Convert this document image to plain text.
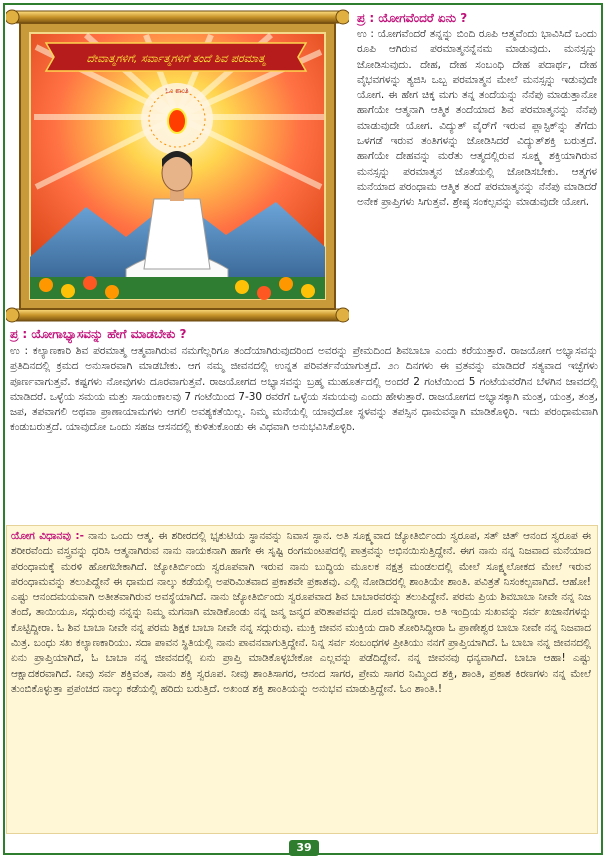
ದೇವಾತ್ಮಗಳಿಗೆ, ಸರ್ವಾತ್ಮಗಳಿಗೆ ತಂದೆ ಶಿವ ಪರಮಾತ್ಮ
ಓಂ ಶಾಂತಿ
ಪ್ರ : ಯೋಗವೆಂದರೆ ಏನು ?

ಉ : ಯೋಗವೆಂದರೆ ತನ್ನನ್ನು ಬಿಂದಿ ರೂಪಿ ಆತ್ಮವೆಂದು ಭಾವಿಸಿದೆ ಒಂದು ರೂಪಿ ಆಗಿರುವ ಪರಮಾತ್ಮನನ್ನೆನಮ ಮಾಡುವುದು. ಮನಸ್ಸನ್ನು ಜೋಡಿಸುವುದು. ದೇಹ, ದೇಹ ಸಂಬಂಧಿ ದೇಹ ಪದಾರ್ಥ, ದೇಹ ವೈಭವಗಳನ್ನು ತ್ಯಜಿಸಿ ಒಬ್ಬ ಪರಮಾತ್ಮನ ಮೇಲೆ ಮನಸ್ಸನ್ನು ಇಡುವುದೇ ಯೋಗ. ಈ ಹೇಗ ಚಿಕ್ಕ ಮಗು ತನ್ನ ತಂದೆಯನ್ನು ನೆನೆಪು ಮಾಡುತ್ತಾನೋ ಹಾಗೆಯೇ ಆತ್ಮನಾಗಿ ಆತ್ಮಿಕ ತಂದೆಯಾದ ಶಿವ ಪರಮಾತ್ಮನನ್ನು ನೆನೆಪು ಮಾಡುವುದೇ ಯೋಗ. ವಿದ್ಯುತ್ ವೈರ್‌ಗೆ ಇರುವ ಪ್ಲಾಸ್ಟಿಕ್‌ನ್ನು ತೆಗೆದು ಒಳಗಡೆ ಇರುವ ತಂತಿಗಳನ್ನು ಜೋಡಿಸಿದರೆ ವಿದ್ಯುತ್‌ಶಕ್ತಿ ಬರುತ್ತದೆ. ಹಾಗೆಯೇ ದೇಹವನ್ನು ಮರೆತು ಆತ್ಮದಲ್ಲಿರುವ ಸೂಕ್ಷ್ಮ ಶಕ್ತಿಯಾಗಿರುವ ಮನಸ್ಸನ್ನು ಪರಮಾತ್ಮನ ಜೊತೆಯಲ್ಲಿ ಜೋಡಿಸಬೇಕು. ಆತ್ಮಗಳ ಮನೆಯಾದ ಪರಂಧಾಮ ಆತ್ಮಿಕ ತಂದೆ ಪರಮಾತ್ಮನನ್ನು ನೆನೆಪು ಮಾಡಿದರೆ ಅನೇಕ ಪ್ರಾಪ್ತಿಗಳು ಸಿಗುತ್ತವೆ. ಶ್ರೇಷ್ಠ ಸಂಕಲ್ಪವನ್ನು ಮಾಡುವುದೇ ಯೋಗ.

ಪ್ರ : ಯೋಗಾಭ್ಯಾಸವನ್ನು ಹೇಗೆ ಮಾಡಬೇಕು ?

ಉ : ಕಲ್ಯಾಣಕಾರಿ ಶಿವ ಪರಮಾತ್ಮ ಆತ್ಮವಾಗಿರುವ ನಮಗೆಲ್ಲರಿಗೂ ತಂದೆಯಾಗಿರುವುದರಿಂದ ಅವರನ್ನು ಪ್ರೇಮದಿಂದ ಶಿವಬಾಬಾ ಎಂದು ಕರೆಯುತ್ತಾರೆ. ರಾಜಯೋಗ ಅಭ್ಯಾಸವನ್ನು ಪ್ರತಿದಿನದಲ್ಲಿ ಕ್ರಮದ ಅನುಸಾರವಾಗಿ ಮಾಡಬೇಕು. ಆಗ ನಮ್ಮ ಜೀವನದಲ್ಲಿ ಉನ್ನತ ಪರಿವರ್ತನೆಯಾಗುತ್ತದೆ. ೨೧ ದಿನಗಳು ಈ ವ್ರತವನ್ನು ಮಾಡಿದರೆ ಸತ್ಯವಾದ ಇಚ್ಛೆಗಳು ಪೂರ್ಣವಾಗುತ್ತವೆ. ಕಷ್ಟಗಳು ನೋವುಗಳು ದೂರವಾಗುತ್ತವೆ. ರಾಜಯೋಗದ ಅಭ್ಯಾಸವನ್ನು ಬ್ರಹ್ಮ ಮುಹೂರ್ತದಲ್ಲಿ ಅಂದರೆ 2 ಗಂಟೆಯಿಂದ 5 ಗಂಟೆಯವರೆಗಿನ ಬೆಳಗಿನ ಜಾವದಲ್ಲಿ ಮಾಡಿದರೆ. ಒಳ್ಳೆಯ ಸಮಯ ಮತ್ತು ಸಾಯಂಕಾಲವು 7 ಗಂಟೆಯಿಂದ 7-30 ರವರೆಗೆ ಒಳ್ಳೆಯ ಸಮಯವು ಎಂದು ಹೇಳುತ್ತಾರೆ. ರಾಜಯೋಗದ ಅಭ್ಯಾಸಕ್ಕಾಗಿ ಮಂತ್ರ, ಯಂತ್ರ, ತಂತ್ರ, ಜಪ, ತಪವಾಗಲಿ ಅಥವಾ ಪ್ರಾಣಾಯಾಮಗಳು ಆಗಲಿ ಅವಶ್ಯಕತೆಯಿಲ್ಲ. ನಿಮ್ಮ ಮನೆಯಲ್ಲಿ ಯಾವುದೋ ಸ್ಥಳವನ್ನು ತಪಸ್ಸಿನ ಧಾಮವನ್ನಾಗಿ ಮಾಡಿಕೊಳ್ಳಿರಿ. ಇದು ಪರಂಧಾಮವಾಗಿ ಕಂಡುಬರುತ್ತದೆ. ಯಾವುದೋ ಒಂದು ಸಹಜ ಆಸನದಲ್ಲಿ ಕುಳಿತುಕೊಂಡು ಈ ವಿಧವಾಗಿ ಅನುಭವಿಸಿಕೊಳ್ಳಿರಿ.

ಯೋಗ ವಿಧಾನವು :- ನಾನು ಒಂದು ಆತ್ಮ. ಈ ಶರೀರದಲ್ಲಿ ಭೃಕುಟಿಯ ಸ್ಥಾನವನ್ನು ನಿವಾಸ ಸ್ಥಾನ. ಅತಿ ಸೂಕ್ಷ್ಮವಾದ ಜ್ಯೋತಿರ್ಬಿಂದು ಸ್ವರೂಪ, ಸತ್ ಚಿತ್ ಆನಂದ ಸ್ವರೂಪ ಈ ಶರೀರವೆಂದು ವಸ್ತ್ರವನ್ನು ಧರಿಸಿ ಆತ್ಮನಾಗಿರುವ ನಾನು ನಾಯಕನಾಗಿ ಹಾಗೇ ಈ ಸೃಷ್ಟಿ ರಂಗಮಂಟಪದಲ್ಲಿ ಪಾತ್ರವನ್ನು ಅಭಿನಯಿಸುತ್ತಿದ್ದೇನೆ. ಈಗ ನಾನು ನನ್ನ ನಿಜವಾದ ಮನೆಯಾದ ಪರಂಧಾಮಕ್ಕೆ ಮರಳಿ ಹೋಗಬೇಕಾಗಿದೆ. ಜ್ಯೋತಿರ್ಬಿಂದು ಸ್ವರೂಪವಾಗಿ ಇರುವ ನಾನು ಬುದ್ಧಿಯ ಮೂಲಕ ನಕ್ಷತ್ರ ಮಂಡಲದಲ್ಲಿ ಮೇಲೆ ಸೂಕ್ಷ್ಮಲೋಕದ ಮೇಲೆ ಇರುವ ಪರಂಧಾಮವನ್ನು ತಲುಪಿದ್ದೇನೆ ಈ ಧಾಮದ ನಾಲ್ಕು ಕಡೆಯಲ್ಲಿ ಅಪರಿಮಿತವಾದ ಪ್ರಕಾಶವೇ ಪ್ರಕಾಶವು. ಎಲ್ಲಿ ನೋಡಿದರಲ್ಲಿ ಶಾಂತಿಯೇ ಶಾಂತಿ. ಪವಿತ್ರತೆ ನಿಸಂಕಲ್ಪವಾಗಿದೆ. ಆಹೋ! ಎಷ್ಟು ಆನಂದಮಯವಾಗಿ ಅತೀತವಾಗಿರುವ ಅವಸ್ಥೆಯಾಗಿದೆ. ನಾನು ಜ್ಯೋತಿರ್ಬಿಂದು ಸ್ವರೂಪವಾದ ಶಿವ ಬಾಬಾರವರನ್ನು ತಲುಪಿದ್ದೇನೆ. ಪರಮ ಪ್ರಿಯ ಶಿವಬಾಬಾ ನೀವೇ ನನ್ನ ನಿಜ ತಂದೆ, ತಾಯಿಯೂ, ಸದ್ಗುರುವು ನನ್ನನ್ನು ನಿಮ್ಮ ಮಗನಾಗಿ ಮಾಡಿಕೊಂಡು ನನ್ನ ಜನ್ಮ ಜನ್ಮದ ಪರಿತಾಪವನ್ನು ದೂರ ಮಾಡಿದ್ದೀರಾ. ಅತಿ ಇಂದ್ರಿಯ ಸುಖವನ್ನು ಸರ್ವ ಖಜಾನೆಗಳನ್ನು ಕೊಟ್ಟಿದ್ದೀರಾ. ಓ ಶಿವ ಬಾಬಾ ನೀವೇ ನನ್ನ ಪರಮ ಶಿಕ್ಷಕ ಬಾಬಾ ನೀವೇ ನನ್ನ ಸದ್ಗುರುವು. ಮುಕ್ತಿ ಜೀವನ ಮುಕ್ತಿಯ ದಾರಿ ತೋರಿಸಿದ್ದೀರಾ ಓ ಪ್ರಾಣೇಶ್ವರ ಬಾಬಾ ನೀವೇ ನನ್ನ ನಿಜವಾದ ಮಿತ್ರ. ಬಂಧು ಸಖ ಕಲ್ಯಾಣಕಾರಿಯು. ಸದಾ ಪಾವನ ಸ್ಥಿತಿಯಲ್ಲಿ ನಾನು ಪಾವನವಾಗುತ್ತಿದ್ದೇನೆ. ನಿನ್ನ ಸರ್ವ ಸಂಬಂಧಗಳ ಪ್ರೀತಿಯು ನನಗೆ ಪ್ರಾಪ್ತಿಯಾಗಿದೆ. ಓ ಬಾಬಾ ನನ್ನ ಜೀವನದಲ್ಲಿ ಏನು ಪ್ರಾಪ್ತಿಯಾಗಿದೆ, ಓ ಬಾಬಾ ನನ್ನ ಜೀವನದಲ್ಲಿ ಏನು ಪ್ರಾಪ್ತಿ ಮಾಡಿಕೊಳ್ಳಬೇಕೋ ಎಲ್ಲವನ್ನು ಪಡೆದಿದ್ದೇನೆ. ನನ್ನ ಜೀವನವು ಧನ್ಯವಾಗಿದೆ. ಬಾಬಾ ಆಹಾ! ಎಷ್ಟು ಆಕ್ಷಾದಕರವಾಗಿದೆ. ನೀವು ಸರ್ವ ಶಕ್ತಿವಂತ, ನಾನು ಶಕ್ತಿ ಸ್ವರೂಪ. ನೀವು ಶಾಂತಿಸಾಗರ, ಆನಂದ ಸಾಗರ, ಪ್ರೇಮ ಸಾಗರ ನಿಮ್ಮಿಂದ ಶಕ್ತಿ, ಶಾಂತಿ, ಪ್ರಕಾಶ ಕಿರಣಗಳು ನನ್ನ ಮೇಲೆ ತುಂಬಿಕೊಳ್ಳುತ್ತಾ ಪ್ರಪಂಚದ ನಾಲ್ಕು ಕಡೆಯಲ್ಲಿ ಹರಿದು ಬರುತ್ತಿದೆ. ಅಖಂಡ ಶಕ್ತಿ ಶಾಂತಿಯನ್ನು ಅನುಭವ ಮಾಡುತ್ತಿದ್ದೇನೆ. ಓಂ ಶಾಂತಿ.!

39
